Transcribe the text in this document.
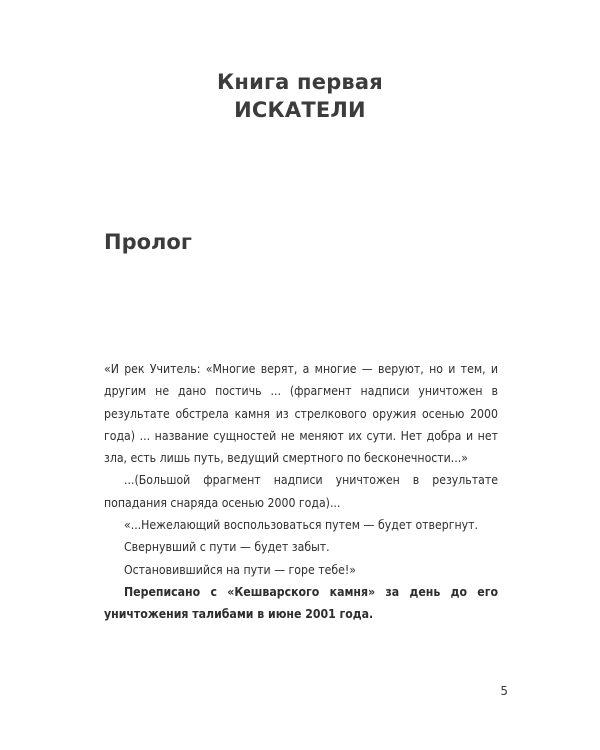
Книга первая
ИСКАТЕЛИ
Пролог

«И рек Учитель: «Многие верят, а многие — веруют, но и тем, и другим не дано постичь ... (фрагмент надписи уничтожен в результате обстрела камня из стрелкового оружия осенью 2000 года) ... название сущностей не меняют их сути. Нет добра и нет зла, есть лишь путь, ведущий смертного по бесконечности...»

...(Большой фрагмент надписи уничтожен в результате попадания снаряда осенью 2000 года)...

«...Нежелающий воспользоваться путем — будет отвергнут.

Свернувший с пути — будет забыт.

Остановившийся на пути — горе тебе!»

Переписано с «Кешварского камня» за день до его уничтожения талибами в июне 2001 года.

5
